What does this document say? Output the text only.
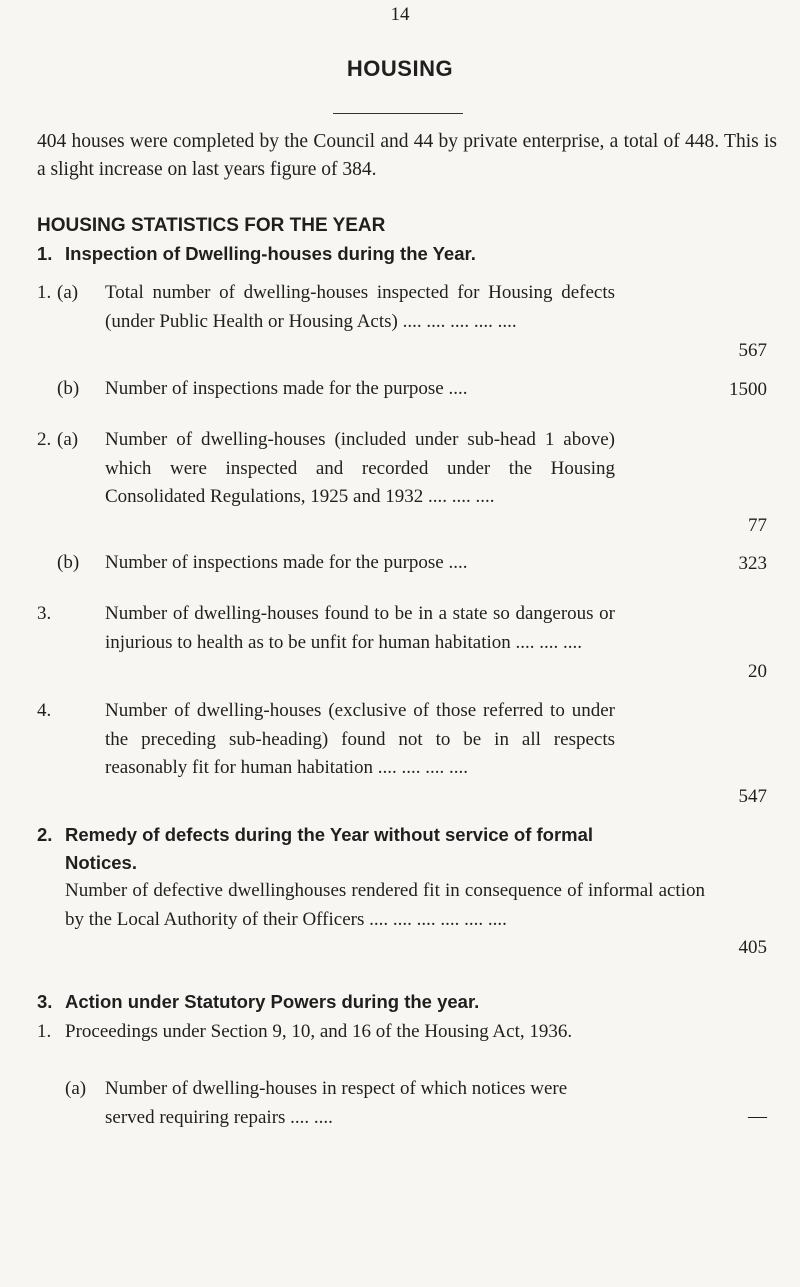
14
HOUSING
404 houses were completed by the Council and 44 by private enterprise, a total of 448. This is a slight increase on last years figure of 384.
HOUSING STATISTICS FOR THE YEAR
1. Inspection of Dwelling-houses during the Year.
1. (a) Total number of dwelling-houses inspected for Housing defects (under Public Health or Housing Acts) .... .... .... .... ....
567
(b) Number of inspections made for the purpose ....	1500
2. (a) Number of dwelling-houses (included under sub-head 1 above) which were inspected and recorded under the Housing Consolidated Regulations, 1925 and 1932 .... .... ....
77
(b) Number of inspections made for the purpose ....	323
3.	Number of dwelling-houses found to be in a state so dangerous or injurious to health as to be unfit for human habitation .... .... ....
20
4.	Number of dwelling-houses (exclusive of those referred to under the preceding sub-heading) found not to be in all respects reasonably fit for human habitation .... .... .... ....
547
2. Remedy of defects during the Year without service of formal
Notices.
Number of defective dwellinghouses rendered fit in consequence of informal action by the Local Authority of their Officers .... .... .... .... .... ....
405
3. Action under Statutory Powers during the year.
1. Proceedings under Section 9, 10, and 16 of the Housing Act, 1936.
(a) Number of dwelling-houses in respect of which notices were served requiring repairs .... ....	—
